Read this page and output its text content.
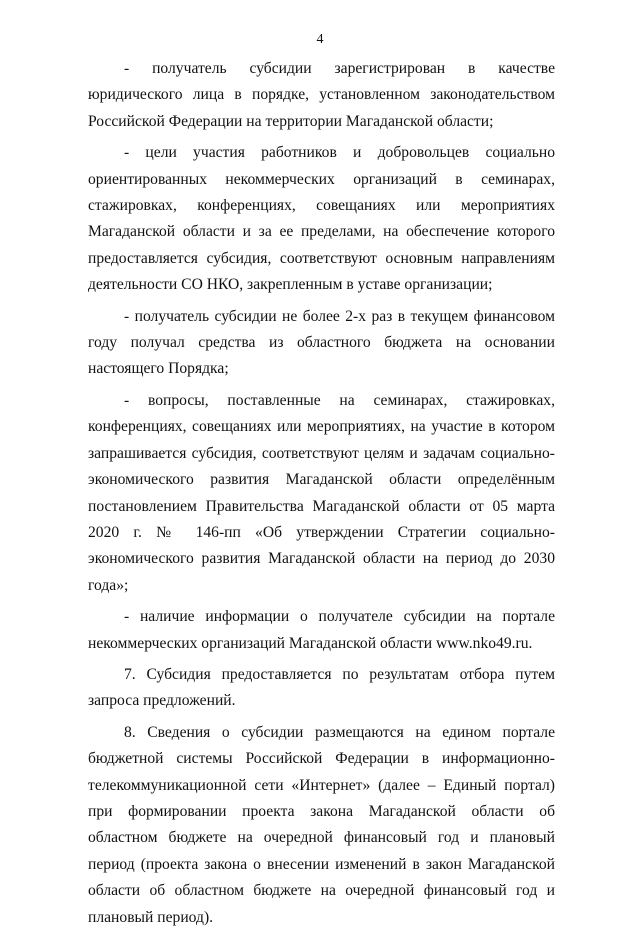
4

- получатель субсидии зарегистрирован в качестве юридического лица в порядке, установленном законодательством Российской Федерации на территории Магаданской области;

- цели участия работников и добровольцев социально ориентированных некоммерческих организаций в семинарах, стажировках, конференциях, совещаниях или мероприятиях Магаданской области и за ее пределами, на обеспечение которого предоставляется субсидия, соответствуют основным направлениям деятельности СО НКО, закрепленным в уставе организации;

- получатель субсидии не более 2-х раз в текущем финансовом году получал средства из областного бюджета на основании настоящего Порядка;

- вопросы, поставленные на семинарах, стажировках, конференциях, совещаниях или мероприятиях, на участие в котором запрашивается субсидия, соответствуют целям и задачам социально-экономического развития Магаданской области определённым постановлением Правительства Магаданской области от 05 марта 2020 г. № 146-пп «Об утверждении Стратегии социально-экономического развития Магаданской области на период до 2030 года»;

- наличие информации о получателе субсидии на портале некоммерческих организаций Магаданской области www.nko49.ru.

7. Субсидия предоставляется по результатам отбора путем запроса предложений.

8. Сведения о субсидии размещаются на едином портале бюджетной системы Российской Федерации в информационно-телекоммуникационной сети «Интернет» (далее – Единый портал) при формировании проекта закона Магаданской области об областном бюджете на очередной финансовый год и плановый период (проекта закона о внесении изменений в закон Магаданской области об областном бюджете на очередной финансовый год и плановый период).
